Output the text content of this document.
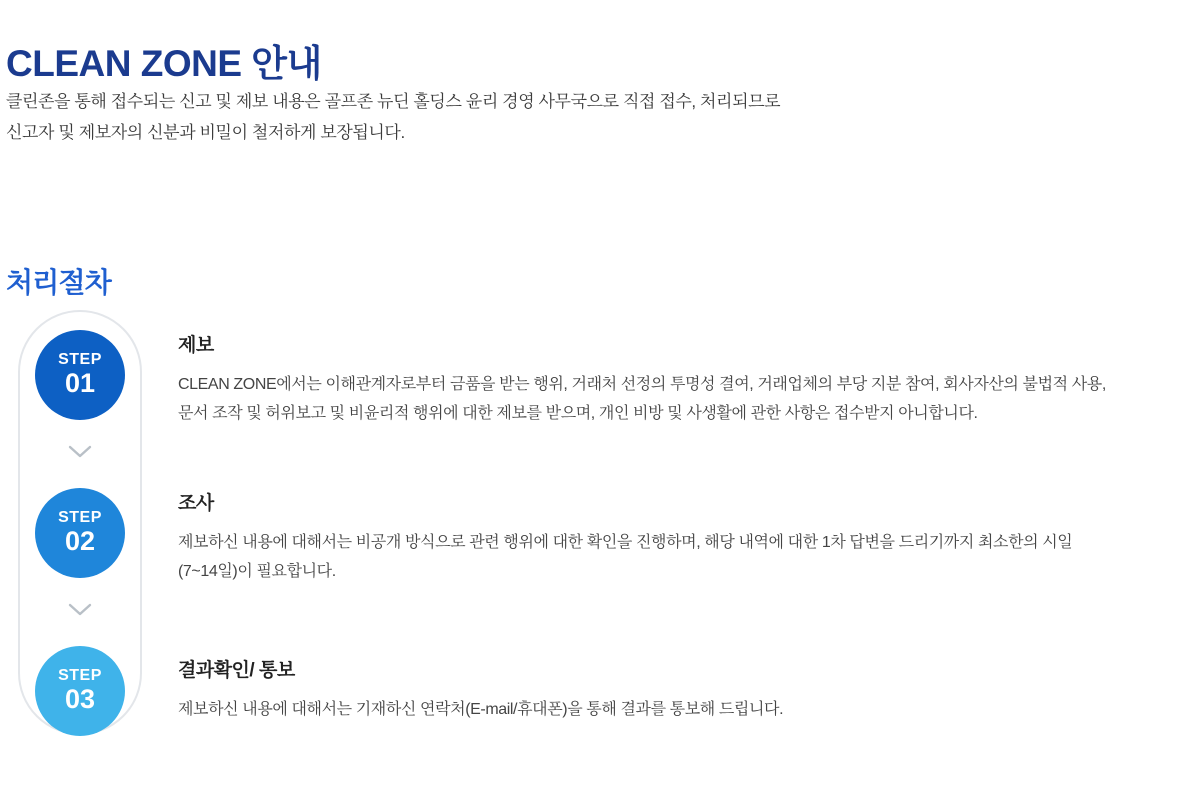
CLEAN ZONE 안내
클린존을 통해 접수되는 신고 및 제보 내용은 골프존 뉴딘 홀딩스 윤리 경영 사무국으로 직접 접수, 처리되므로
신고자 및 제보자의 신분과 비밀이 철저하게 보장됩니다.
처리절차
STEP
01
제보
CLEAN ZONE에서는 이해관계자로부터 금품을 받는 행위, 거래처 선정의 투명성 결여, 거래업체의 부당 지분 참여, 회사자산의 불법적 사용,
문서 조작 및 허위보고 및 비윤리적 행위에 대한 제보를 받으며, 개인 비방 및 사생활에 관한 사항은 접수받지 아니합니다.
STEP
02
조사
제보하신 내용에 대해서는 비공개 방식으로 관련 행위에 대한 확인을 진행하며, 해당 내역에 대한 1차 답변을 드리기까지 최소한의 시일
(7~14일)이 필요합니다.
STEP
03
결과확인/ 통보
제보하신 내용에 대해서는 기재하신 연락처(E-mail/휴대폰)을 통해 결과를 통보해 드립니다.
